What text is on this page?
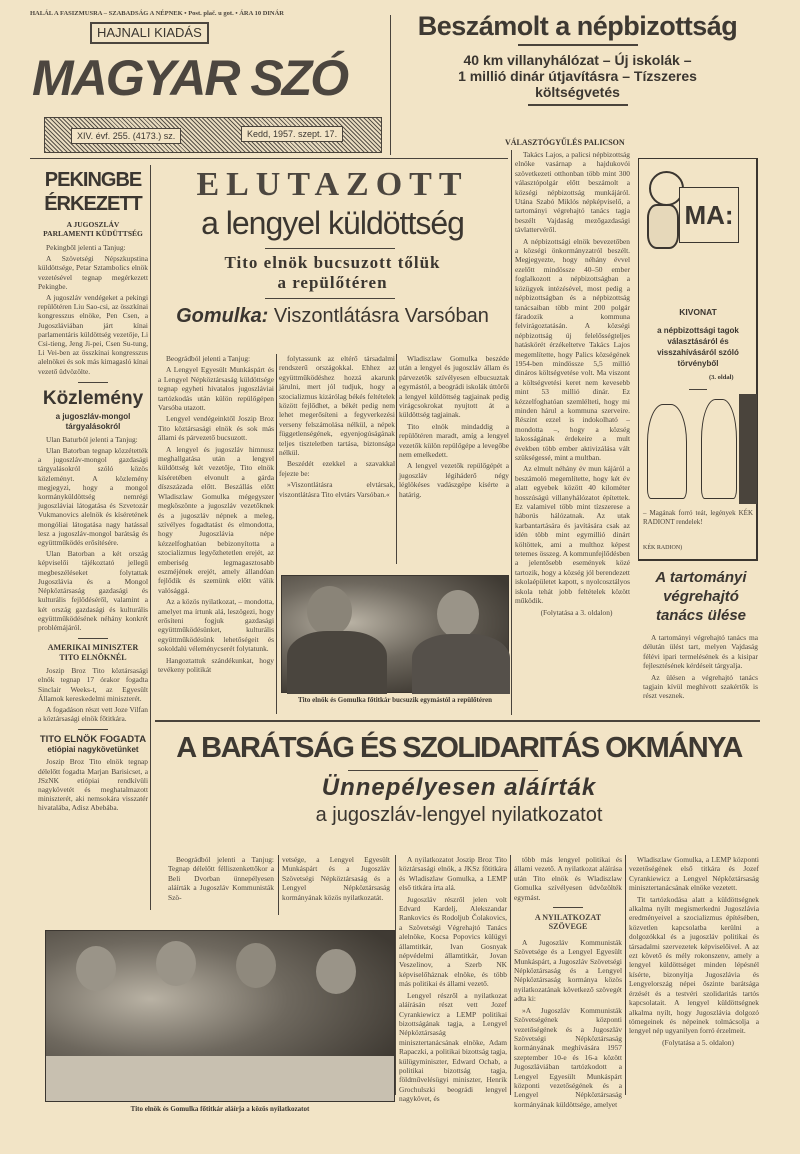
HALÁL A FASIZMUSRA – SZABADSÁG A NÉPNEK • Post. plač. u got. • ÁRA 10 DINÁR
HAJNALI KIADÁS
MAGYAR SZÓ
XIV. évf. 255. (4173.) sz.	Kedd, 1957. szept. 17.
Beszámolt a népbizottság
40 km villanyhálózat – Új iskolák –
1 millió dinár útjavításra – Tízszeres
költségvetés
VÁLASZTÓGYŰLÉS PALICSON
PEKINGBE
ÉRKEZETT
A JUGOSZLÁV PARLAMENTI KÜDÜTTSÉG

Pekingből jelenti a Tanjug:

A Szövetségi Népszkupstina küldöttsége, Petar Sztambolics elnök vezetésével tegnap megérkezett Pekingbe.

A jugoszláv vendégeket a pekingi repülőtéren Liu Sao-csi, az összkínai kongresszus elnöke, Pen Csen, a Jugoszláviában járt kínai parlamentáris küldöttség vezetője, Li Csi-tieng, Jeng Ji-pei, Csen Su-tung, Li Vei-ben az összkínai kongresszus alelnökei és sok más kimagasló kínai vezető üdvözölte.

Közlemény
a jugoszláv-mongol tárgyalásokról

Ulan Baturból jelenti a Tanjug:

Ulan Batorban tegnap közzétették a jugoszláv-mongol gazdasági tárgyalásokról szóló közös közleményt. A közlemény megjegyzi, hogy a mongol kormányküldöttség nemrégi jugoszláviai látogatása és Szvetozár Vukmanovics alelnök és kíséretének mongóliai látogatása nagy hatással lesz a jugoszláv-mongol barátság és együttműködés erősítésére.

Ulan Batorban a két ország képviselői tájékoztató jellegű megbeszéléseket folytattak Jugoszlávia és a Mongol Népköztársaság gazdasági és kulturális fejlődéséről, valamint a két ország gazdasági és kulturális együttműködésének néhány konkrét problémájáról.

AMERIKAI MINISZTER TITO ELNÖKNÉL

Joszip Broz Tito köztársasági elnök tegnap 17 órakor fogadta Sinclair Weeks-t, az Egyesült Államok kereskedelmi miniszterét.

A fogadáson részt vett Joze Vilfan a köztársasági elnök főtitkára.

TITO ELNÖK FOGADTA
etiópiai nagykövetünket

Joszip Broz Tito elnök tegnap délelőtt fogadta Marjan Barisicset, a JSzNK etiópiai rendkívüli nagykövetét és meghatalmazott miniszterét, aki nemsokára visszatér hivatalába, Adisz Abebába.

ELUTAZOTT
a lengyel küldöttség
Tito elnök bucsuzott tőlük
a repülőtéren
Gomulka: Viszontlátásra Varsóban

Beográdból jelenti a Tanjug:

A Lengyel Egyesült Munkáspárt és a Lengyel Népköztársaság küldöttsége tegnap egyheti hivatalos jugoszláviai tartózkodás után külön repülőgépen Varsóba utazott.

Lengyel vendégeinktől Joszip Broz Tito köztársasági elnök és sok más állami és párvezető bucsuzott.

A lengyel és jugoszláv himnusz meghallgatása után a lengyel küldöttség két vezetője, Tito elnök kíséretében elvonult a gárda díszszázada előtt. Beszállás előtt Wladiszlaw Gomulka mégegyszer megköszönte a jugoszláv vezetőknek és a jugoszláv népnek a meleg, szívélyes fogadtatást és elmondotta, hogy Jugoszlávia népe kézzelfoghatóan bebizonyította a szocializmus legyőzhetetlen erejét, az emberiség legmagasztosabb eszméjének erejét, amely állandóan fejlődik és szemünk előtt válik valósággá.

Az a közös nyilatkozat, – mondotta, amelyet ma írtunk alá, leszögezi, hogy erősíteni fogjuk gazdasági együttműködésünket, kulturális együttműködésünk lehetőségeit és sokoldalú véleménycserét folytatunk.

Hangoztattuk szándékunkat, hogy tevékeny politikát

folytassunk az eltérő társadalmi rendszerű országokkal. Ehhez az együttműködéshez hozzá akarunk járulni, mert jól tudjuk, hogy a szocializmus kizárólag békés feltételek között fejlődhet, a békét pedig nem lehet megerősíteni a fegyverkezési verseny felszámolása nélkül, a népek függetlenségének, egyenjogúságának teljes tiszteletben tartása, biztonsága nélkül.

Beszédét ezekkel a szavakkal fejezte be:

»Viszontlátásra elvtársak, viszontlátásra Tito elvtárs Varsóban.«

Wladiszlaw Gomulka beszéde után a lengyel és jugoszláv állam és párvezetők szívélyesen elbucsuztak egymástól, a beográdi iskolák úttörői a lengyel küldöttség tagjainak pedig virágcsokrokat nyujtott át a küldöttség tagjainak.

Tito elnök mindaddig a repülőtéren maradt, amíg a lengyel vezetők külön repülőgépe a levegőbe nem emelkedett.

A lengyel vezetők repülőgépét a jugoszláv légiháderő négy léglökéses vadászgépe kísérte a határig.

Tito elnök és Gomulka főtitkár bucsuzik egymástól a repülőtéren

Takács Lajos, a palicsi népbizottság elnöke vasárnap a hajdukovói szövetkezeti otthonban több mint 300 választópolgár előtt beszámolt a községi népbizottság munkájáról. Utána Szabó Miklós népképviselő, a tartományi végrehajtó tanács tagja beszélt Vajdaság mezőgazdasági távlattervéről.

A népbizottsági elnök bevezetőben a községi önkormányzatról beszélt. Megjegyezte, hogy néhány évvel ezelőtt mindössze 40–50 ember foglalkozott a népbizottságban a közügyek intézésével, most pedig a népbizottságban és a népbizottság tanácsaiban több mint 200 polgár fáradozik a kommuna felvirágoztatásán. A községi népbizottság új felelősségteljes hatáskörét érzékeltetve Takács Lajos megemlítette, hogy Palics községének 1954-ben mindössze 5,5 millió dináros költségvetése volt. Ma viszont a költségvetési keret nem kevesebb mint 53 millió dinár. Ez kézzelfoghatóan szemlélteti, hogy mi minden hárul a kommuna szerveire. Részint ezzel is indokolható – mondotta –, hogy a község lakosságának érdekeire a mult években több ember aktivizálása vált szükségessé, mint a multban.

Az elmult néhány év mun kájáról a beszámoló megemlítette, hogy két év alatt egyebek között 40 kilométer hosszúságú villanyhálózatot építettek. Ez valamivel több mint tízszerese a háborús hálózatnak. Az utak karbantartására és javítására csak az idén több mint egymillió dinárt költöttek, ami a multhoz képest tetemes összeg. A kommunfejlődésben a jelentősebb események közé tartozik, hogy a község jól berendezett iskolaépületet kapott, s nyolcosztályos iskola tehát jobb feltételek között működik.

(Folytatása a 3. oldalon)

MA:
KIVONAT
a népbizottsági tagok választásáról és visszahívásáról szóló törvényből
(3. oldal)
– Magának forró teát, legények KÉK RADIONT rendelek!
KÉK RADION)
A tartományi végrehajtó tanács ülése

A tartományi végrehajtó tanács ma délután ülést tart, melyen Vajdaság félévi ipari termelésének és a kisipar fejlesztésének kérdéseit tárgyalja.

Az ülésen a végrehajtó tanács tagjain kívül meghívott szakértők is részt vesznek.

A BARÁTSÁG ÉS SZOLIDARITÁS OKMÁNYA
Ünnepélyesen aláírták
a jugoszláv-lengyel nyilatkozatot
Beográdból jelenti a Tanjug: Tegnap délelőtt félliszenkettőkor a Beli Dvorban ünnepélyesen aláírták a Jugoszláv Kommunisták Szö-
vetsége, a Lengyel Egyesült Munkáspárt és a Jugoszláv Szövetségi Népköztársaság és a Lengyel Népköztársaság kormányának közös nyilatkozatát.
Tito elnök és Gomulka főtitkár aláírja a közös nyilatkozatot

A nyilatkozatot Joszip Broz Tito köztársasági elnök, a JKSz főtitkára és Wladiszlaw Gomulka, a LEMP első titkára írta alá.

Jugoszláv részről jelen volt Edvard Kardelj, Alekszandar Rankovics és Rodoljub Čolakovics, a Szövetségi Végrehajtó Tanács alelnöke, Kocsa Popovics külügyi államtitkár, Ivan Gosnyak népvédelmi államtitkár, Jovan Veszelinov, a Szerb NK képviselőháznak elnöke, és több más politikai és állami vezető.

Lengyel részről a nyilatkozat aláírásán részt vett Jozef Cyrankiewicz a LEMP politikai bizottságának tagja, a Lengyel Népköztársaság minisztertanácsának elnöke, Adam Rapaczki, a politikai bizottság tagja, külügyminiszter, Edward Ochab, a politikai bizottság tagja, földművelésügyi miniszter, Henrik Grochulszki beográdi lengyel nagykövet, és

több más lengyel politikai és állami vezető. A nyilatkozat aláírása után Tito elnök és Wladiszlaw Gomulka szívélyesen üdvözölték egymást.

A NYILATKOZAT SZÖVEGE

A Jugoszláv Kommunisták Szövetsége és a Lengyel Egyesült Munkáspárt, a Jugoszláv Szövetségi Népköztársaság és a Lengyel Népköztársaság kormánya közös nyilatkozatának következő szövegét adta ki:

»A Jugoszláv Kommunisták Szövetségének központi vezetőségének és a Jugoszláv Szövetségi Népköztársaság kormányának meghívására 1957 szeptember 10-e és 16-a között Jugoszláviában tartózkodott a Lengyel Egyesült Munkáspárt központi vezetőségének és a Lengyel Népköztársaság kormányának küldöttsége, amelyet

Wladiszlaw Gomulka, a LEMP központi vezetőségének első titkára és Jozef Cyrankiewicz a Lengyel Népköztársaság minisztertanácsának elnöke vezetett.

Tit tartózkodása alatt a küldöttségnek alkalma nyílt megismerkedni Jugoszlávia eredményeivel a szocializmus építésében, közvetlen kapcsolatba kerülni a dolgozókkal és a jugoszláv politikai és társadalmi szervezetek képviselőivel. A az ezt követő és mély rokonszenv, amely a lengyel küldöttséget minden lépésnél kísérte, bizonyítja Jugoszlávia és Lengyelország népei őszinte barátsága érzését és a testvéri szolidaritás tartós kapcsolatait. A lengyel küldöttségnek alkalma nyílt, hogy Jugoszlávia dolgozó tömegeinek és népeinek tolmácsolja a lengyel nép ugyanilyen forró érzelmeit.

(Folytatása a 5. oldalon)
